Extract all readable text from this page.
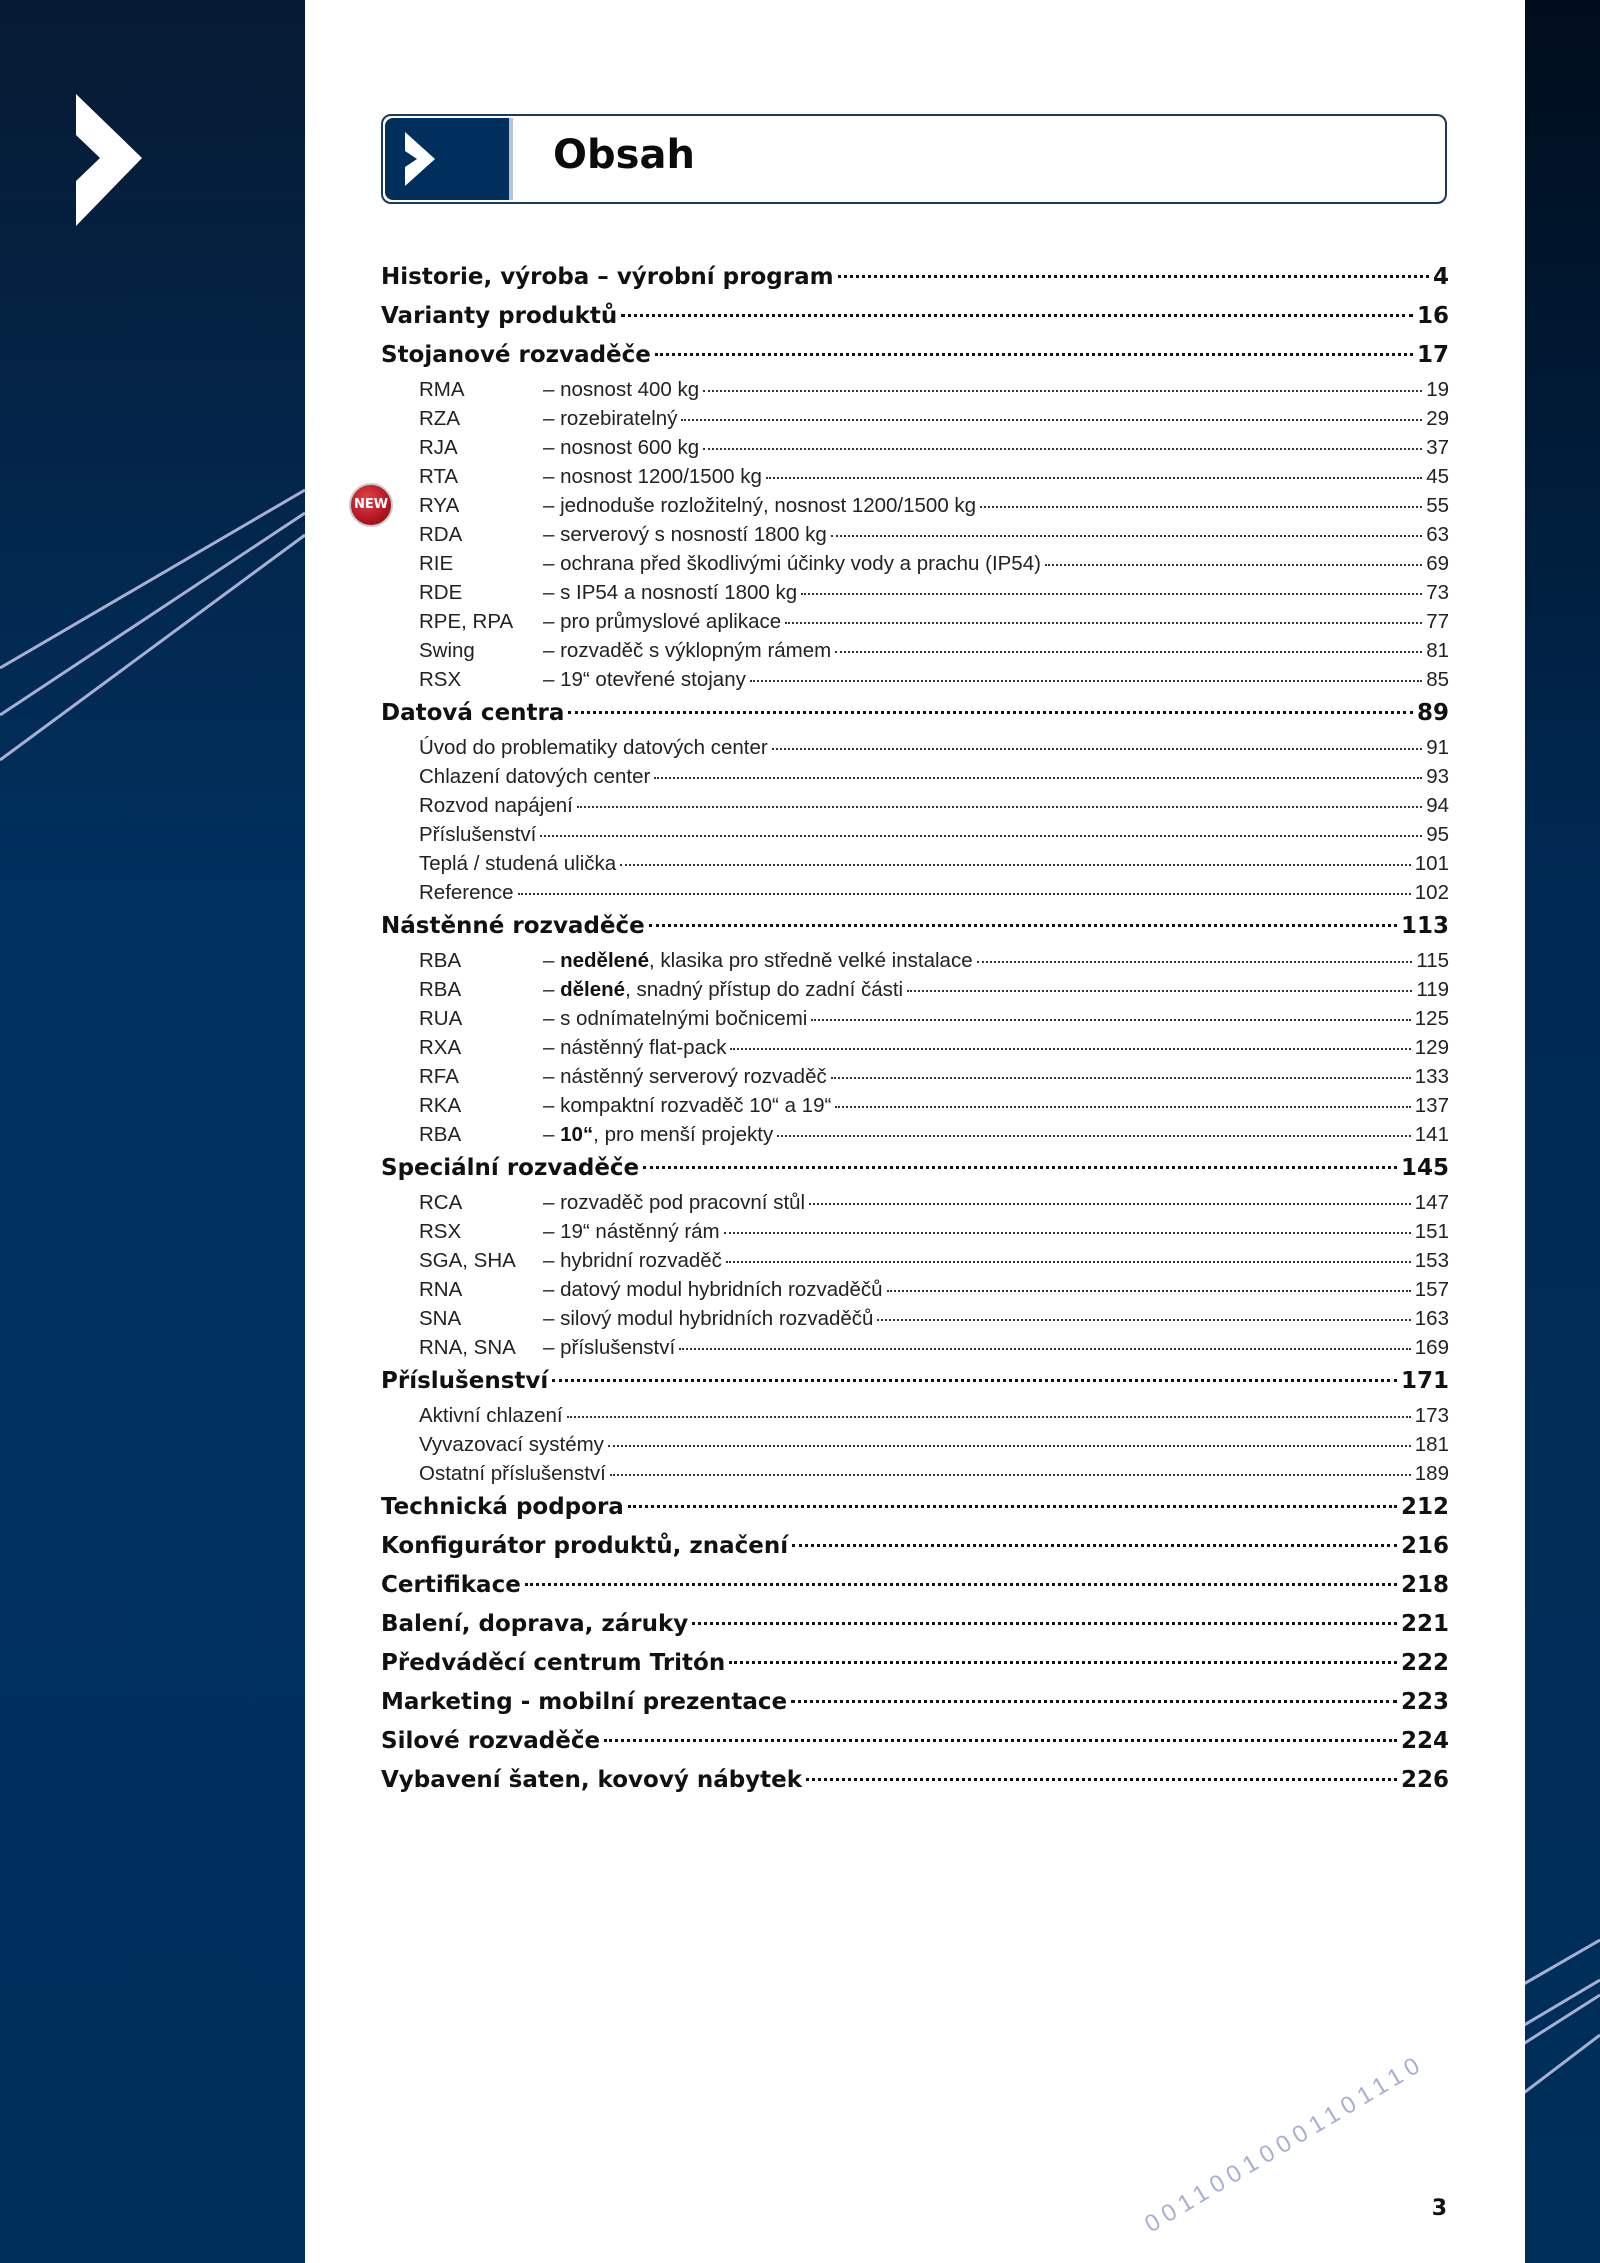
Obsah
Historie, výroba – výrobní program	4
Varianty produktů	16
Stojanové rozvaděče	17
RMA	– nosnost 400 kg	19
RZA	– rozebiratelný	29
RJA	– nosnost 600 kg	37
RTA	– nosnost 1200/1500 kg	45
NEW RYA	– jednoduše rozložitelný, nosnost 1200/1500 kg	55
RDA	– serverový s nosností 1800 kg	63
RIE	– ochrana před škodlivými účinky vody a prachu (IP54)	69
RDE	– s IP54 a nosností 1800 kg	73
RPE, RPA	– pro průmyslové aplikace	77
Swing	– rozvaděč s výklopným rámem	81
RSX	– 19“ otevřené stojany	85
Datová centra	89
Úvod do problematiky datových center	91
Chlazení datových center	93
Rozvod napájení	94
Příslušenství	95
Teplá / studená ulička	101
Reference	102
Nástěnné rozvaděče	113
RBA	– nedělené, klasika pro středně velké instalace	115
RBA	– dělené, snadný přístup do zadní části	119
RUA	– s odnímatelnými bočnicemi	125
RXA	– nástěnný flat-pack	129
RFA	– nástěnný serverový rozvaděč	133
RKA	– kompaktní rozvaděč 10“ a 19“	137
RBA	– 10“, pro menší projekty	141
Speciální rozvaděče	145
RCA	– rozvaděč pod pracovní stůl	147
RSX	– 19“ nástěnný rám	151
SGA, SHA	– hybridní rozvaděč	153
RNA	– datový modul hybridních rozvaděčů	157
SNA	– silový modul hybridních rozvaděčů	163
RNA, SNA	– příslušenství	169
Příslušenství	171
Aktivní chlazení	173
Vyvazovací systémy	181
Ostatní příslušenství	189
Technická podpora	212
Konfigurátor produktů, značení	216
Certifikace	218
Balení, doprava, záruky	221
Předváděcí centrum Tritón	222
Marketing - mobilní prezentace	223
Silové rozvaděče	224
Vybavení šaten, kovový nábytek	226
3
00110010001101110
